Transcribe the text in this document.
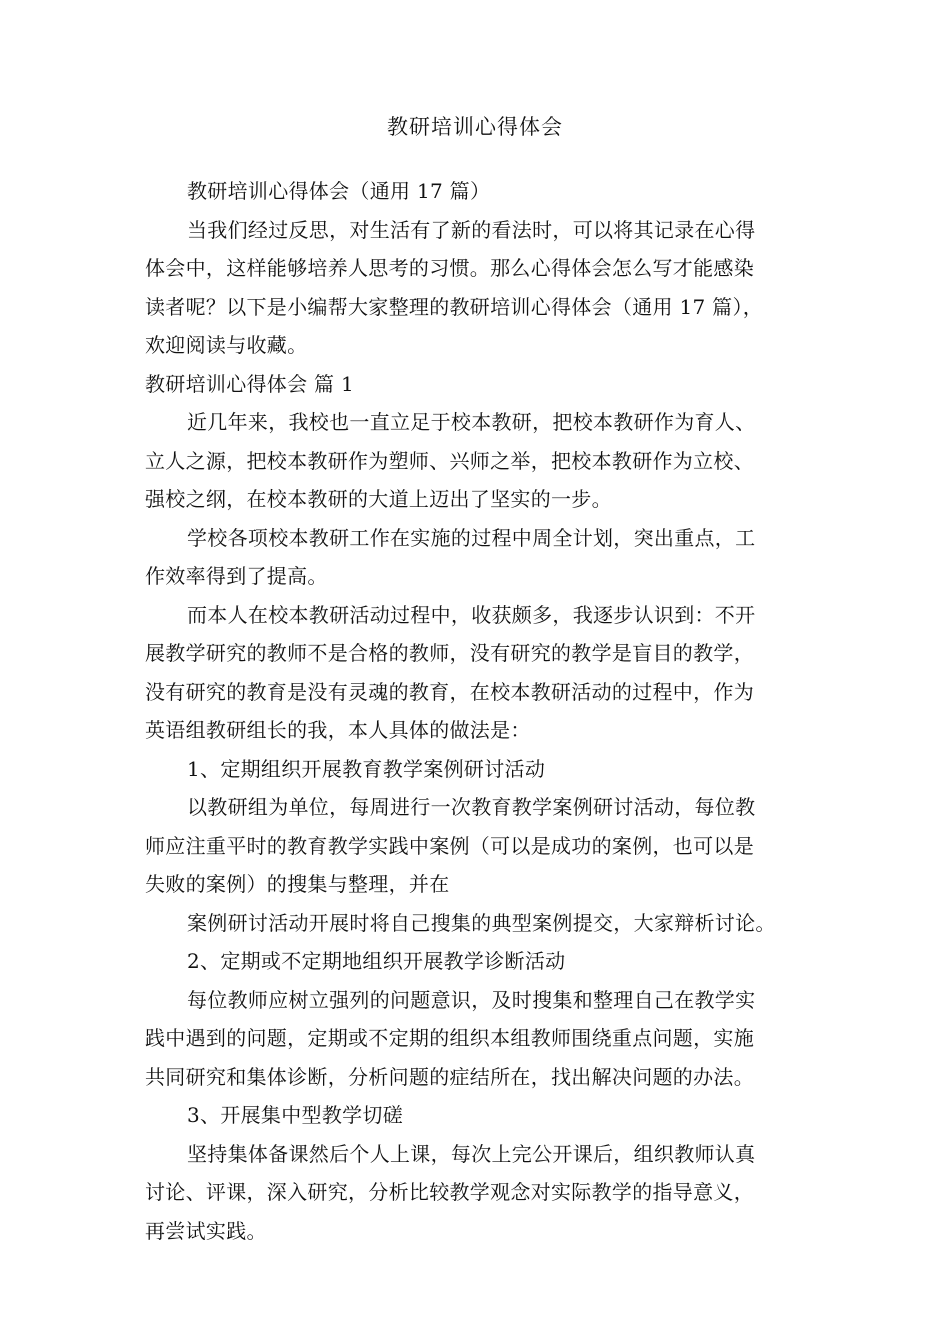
教研培训心得体会
教研培训心得体会（通用 17 篇）
当我们经过反思，对生活有了新的看法时，可以将其记录在心得
体会中，这样能够培养人思考的习惯。那么心得体会怎么写才能感染
读者呢？以下是小编帮大家整理的教研培训心得体会（通用 17 篇），
欢迎阅读与收藏。
教研培训心得体会 篇 1
近几年来，我校也一直立足于校本教研，把校本教研作为育人、
立人之源，把校本教研作为塑师、兴师之举，把校本教研作为立校、
强校之纲，在校本教研的大道上迈出了坚实的一步。
学校各项校本教研工作在实施的过程中周全计划，突出重点，工
作效率得到了提高。
而本人在校本教研活动过程中，收获颇多，我逐步认识到：不开
展教学研究的教师不是合格的教师，没有研究的教学是盲目的教学，
没有研究的教育是没有灵魂的教育，在校本教研活动的过程中，作为
英语组教研组长的我，本人具体的做法是：
1、定期组织开展教育教学案例研讨活动
以教研组为单位，每周进行一次教育教学案例研讨活动，每位教
师应注重平时的教育教学实践中案例（可以是成功的案例，也可以是
失败的案例）的搜集与整理，并在
案例研讨活动开展时将自己搜集的典型案例提交，大家辩析讨论。
2、定期或不定期地组织开展教学诊断活动
每位教师应树立强列的问题意识，及时搜集和整理自己在教学实
践中遇到的问题，定期或不定期的组织本组教师围绕重点问题，实施
共同研究和集体诊断，分析问题的症结所在，找出解决问题的办法。
3、开展集中型教学切磋
坚持集体备课然后个人上课，每次上完公开课后，组织教师认真
讨论、评课，深入研究，分析比较教学观念对实际教学的指导意义，
再尝试实践。
